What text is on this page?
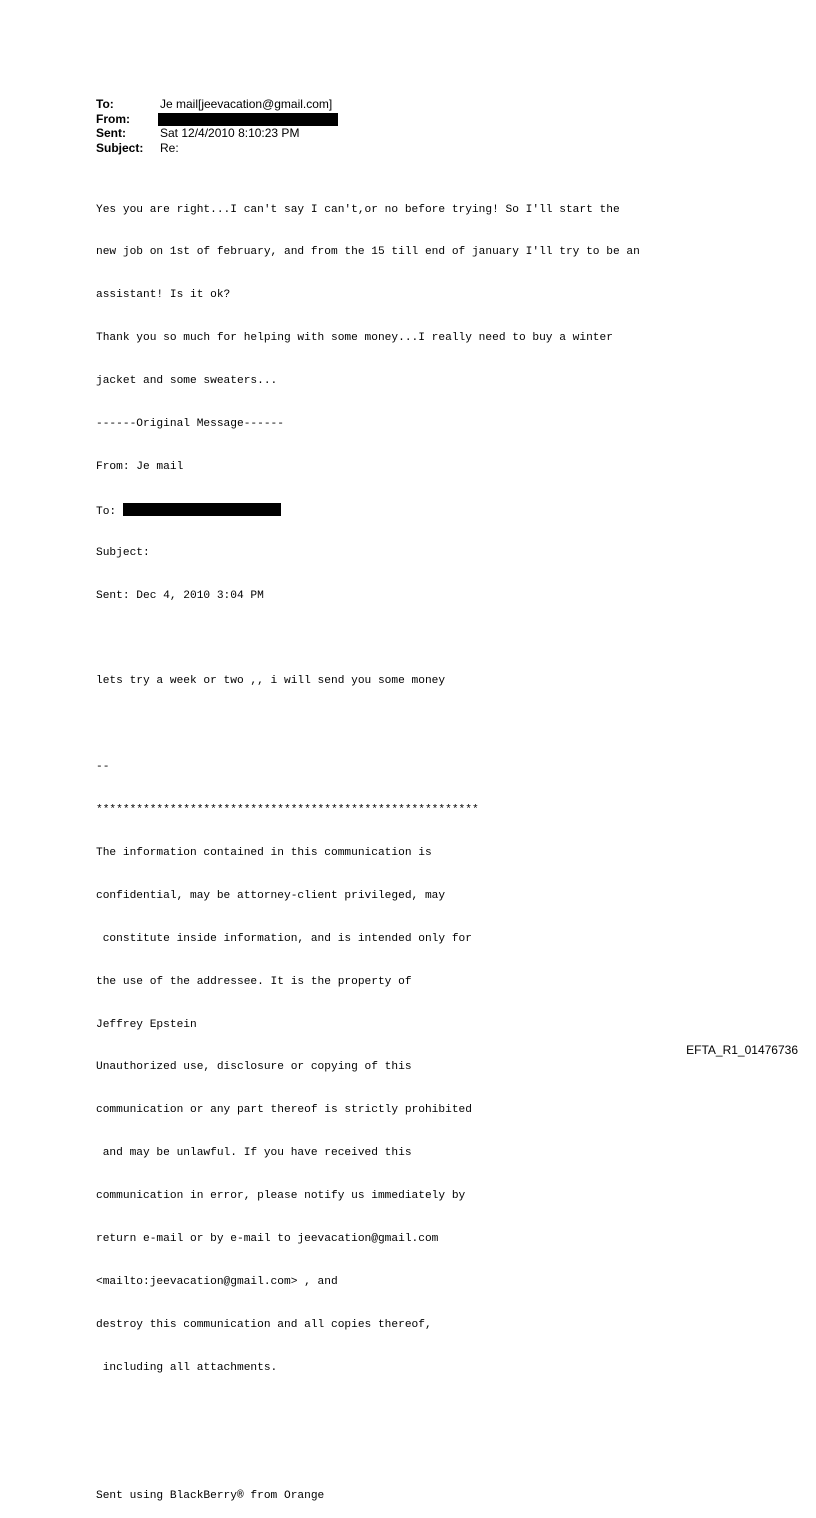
To:	Je mail[jeevacation@gmail.com]
From:
Sent:	Sat 12/4/2010 8:10:23 PM
Subject: Re:

Yes you are right...I can't say I can't,or no before trying! So I'll start the

new job on 1st of february, and from the 15 till end of january I'll try to be an

assistant! Is it ok?

Thank you so much for helping with some money...I really need to buy a winter

jacket and some sweaters...

------Original Message------

From: Je mail

To:

Subject:

Sent: Dec 4, 2010 3:04 PM

lets try a week or two ,, i will send you some money

--

*********************************************************

The information contained in this communication is

confidential, may be attorney-client privileged, may

constitute inside information, and is intended only for

the use of the addressee. It is the property of

Jeffrey Epstein

Unauthorized use, disclosure or copying of this

communication or any part thereof is strictly prohibited

and may be unlawful. If you have received this

communication in error, please notify us immediately by

return e-mail or by e-mail to jeevacation@gmail.com

<mailto:jeevacation@gmail.com> , and

destroy this communication and all copies thereof,

including all attachments.

Sent using BlackBerry® from Orange

EFTA_R1_01476736
